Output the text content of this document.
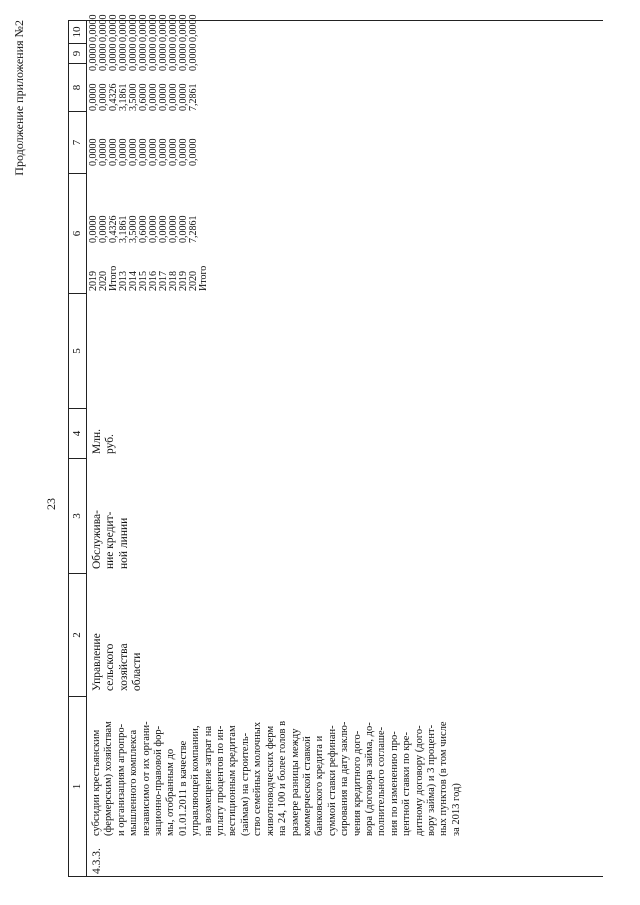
23
Продолжение приложения №2
1
2
3
4
5
6
7
8
9
10
4.3.3.
субсидии крестьянским (фермерским) хозяйствам и организациям агропро- мышленного комплекса независимо от их органи- зационно-правовой фор- мы, отобранным до 01.01.2011 в качестве управляющей компании, на возмещение затрат на уплату процентов по ин- вестиционным кредитам (займам) на строитель- ство семейных молочных животноводческих ферм на 24, 100 и более голов в размере разницы между коммерческой ставкой банковского кредита и суммой ставки рефинан- сирования на дату заклю- чения кредитного дого- вора (договора займа, до- полнительного соглаше- ния по изменению про- центной ставки по кре- дитному договору (дого- вору займа) и 3 процент- ных пунктов (в том числе за 2013 год)
Управление сельского хозяйства области
Обслужива- ние кредит- ной линии
Млн. руб.
2019 2020 Итого 2013 2014 2015 2016 2017 2018 2019 2020 Итого
0,0000 0,0000 0,4326 3,1861 3,5000 0,6000 0,0000 0,0000 0,0000 0,0000 7,2861
0,0000 0,0000 0,0000 0,0000 0,0000 0,0000 0,0000 0,0000 0,0000 0,0000 0,0000
0,0000 0,0000 0,4326 3,1861 3,5000 0,6000 0,0000 0,0000 0,0000 0,0000 7,2861
0,0000 0,0000 0,0000 0,0000 0,0000 0,0000 0,0000 0,0000 0,0000 0,0000 0,0000
0,0000 0,0000 0,0000 0,0000 0,0000 0,0000 0,0000 0,0000 0,0000 0,0000 0,0000
